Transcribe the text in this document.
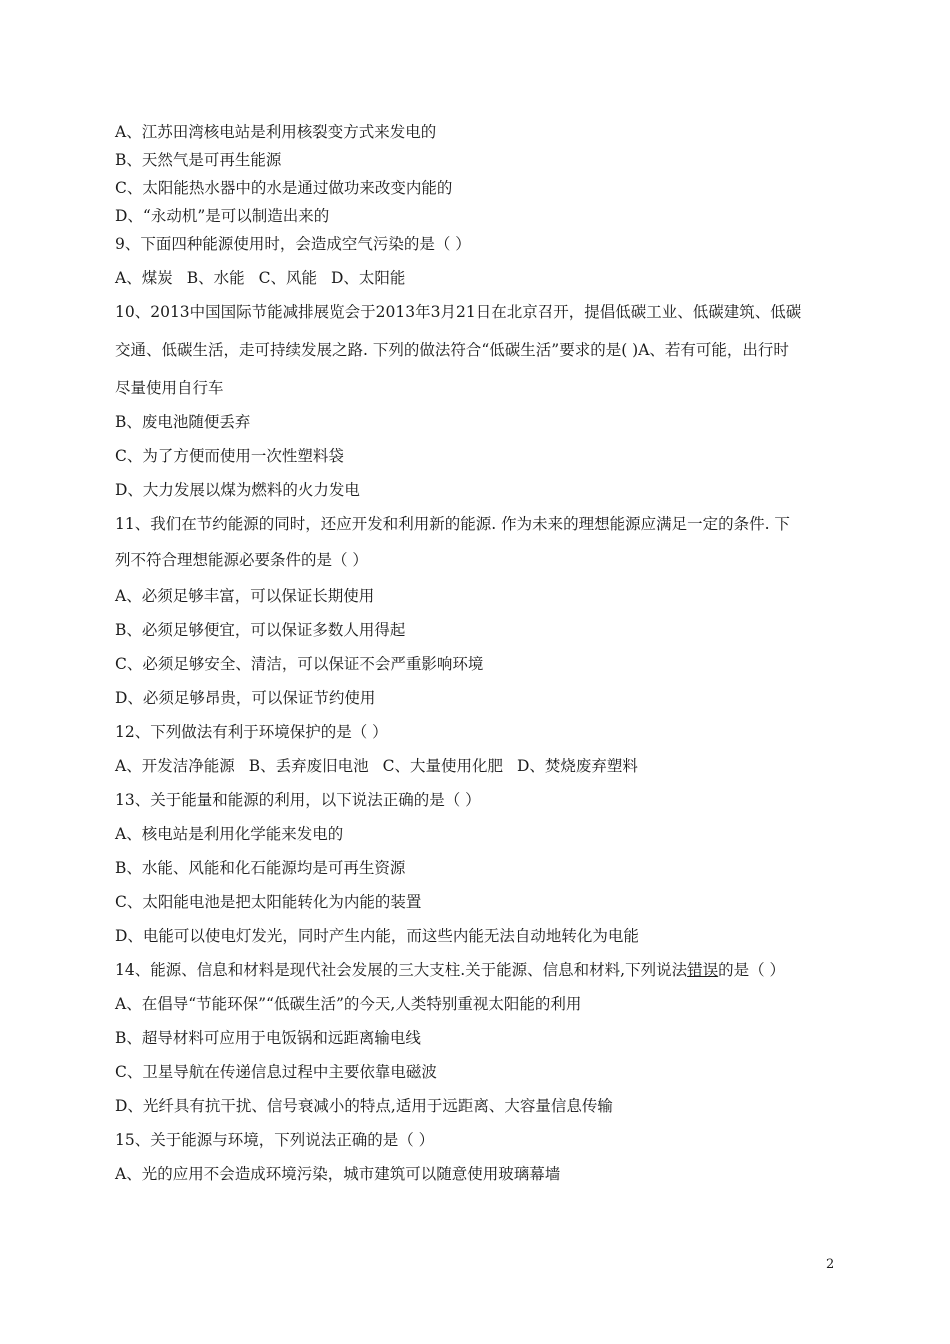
A、江苏田湾核电站是利用核裂变方式来发电的
B、天然气是可再生能源
C、太阳能热水器中的水是通过做功来改变内能的
D、“永动机”是可以制造出来的
9、下面四种能源使用时，会造成空气污染的是（ ）
A、煤炭 B、水能 C、风能 D、太阳能
10、2013中国国际节能减排展览会于2013年3月21日在北京召开，提倡低碳工业、低碳建筑、低碳
交通、低碳生活，走可持续发展之路. 下列的做法符合“低碳生活”要求的是( )A、若有可能，出行时
尽量使用自行车
B、废电池随便丢弃
C、为了方便而使用一次性塑料袋
D、大力发展以煤为燃料的火力发电
11、我们在节约能源的同时，还应开发和利用新的能源. 作为未来的理想能源应满足一定的条件. 下
列不符合理想能源必要条件的是（ ）
A、必须足够丰富，可以保证长期使用
B、必须足够便宜，可以保证多数人用得起
C、必须足够安全、清洁，可以保证不会严重影响环境
D、必须足够昂贵，可以保证节约使用
12、下列做法有利于环境保护的是（ ）
A、开发洁净能源 B、丢弃废旧电池 C、大量使用化肥 D、焚烧废弃塑料
13、关于能量和能源的利用，以下说法正确的是（ ）
A、核电站是利用化学能来发电的
B、水能、风能和化石能源均是可再生资源
C、太阳能电池是把太阳能转化为内能的装置
D、电能可以使电灯发光，同时产生内能，而这些内能无法自动地转化为电能
14、能源、信息和材料是现代社会发展的三大支柱.关于能源、信息和材料,下列说法错误的是（ ）
A、在倡导“节能环保”“低碳生活”的今天,人类特别重视太阳能的利用
B、超导材料可应用于电饭锅和远距离输电线
C、卫星导航在传递信息过程中主要依靠电磁波
D、光纤具有抗干扰、信号衰减小的特点,适用于远距离、大容量信息传输
15、关于能源与环境，下列说法正确的是（ ）
A、光的应用不会造成环境污染，城市建筑可以随意使用玻璃幕墙
2
